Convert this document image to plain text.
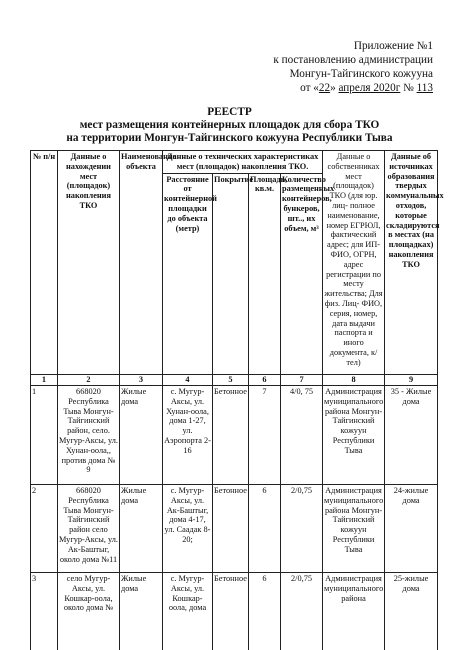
Приложение №1
к постановлению администрации
Монгун-Тайгинского кожууна
от «22» апреля 2020г № 113
РЕЕСТР
мест размещения контейнерных площадок для сбора ТКО
на территории Монгун-Тайгинского кожууна Республики Тыва
№ п/н	Данные о нахождении мест (площадок) накопления ТКО	Наименование объекта	Данные о технических характеристиках мест (площадок) накопления ТКО.				Данные о собственниках мест (площадок) ТКО (для юр. лиц- полное наименование, номер ЕГРЮЛ, фактический адрес; для ИП-ФИО, ОГРН, адрес регистрации по месту жительства; Для физ. Лиц- ФИО, серия, номер, дата выдачи паспорта и иного документа, к/тел)	Данные об источниках образования твердых коммунальных отходов, которые складируются в местах (на площадках) накопления ТКО
			Расстояние от контейнерной площадки до объекта (метр)	Покрытие	Площадь, кв.м.	Количество размещенных контейнеров, бункеров, шт.., их объем, м³		
1	2	3	4	5	6	7	8	9
1	668020 Республика Тыва Монгун-Тайгинский район, село. Мугур-Аксы, ул. Хунан-оола,, против дома № 9	Жилые дома	с. Мугур-Аксы, ул. Хунан-оола, дома 1-27, ул. Аэропорта 2-16	Бетонное	7	4/0, 75	Администрация муниципального района Монгун-Тайгинский кожуун Республики Тыва	35 - Жилые дома
2	668020 Республика Тыва Монгун-Тайгинский район село Мугур-Аксы, ул. Ак-Баштыг, около дома №11	Жилые дома	с. Мугур-Аксы, ул. Ак-Баштыг, дома 4-17, ул. Саадак 8-20;	Бетонное	6	2/0,75	Администрация муниципального района Монгун-Тайгинский кожуун Республики Тыва	24-жилые дома
3	село Мугур-Аксы, ул. Кошкар-оола, около дома №	Жилые дома	с. Мугур-Аксы, ул. Кошкар-оола, дома	Бетонное	6	2/0,75	Администрация муниципального района	25-жилые дома
